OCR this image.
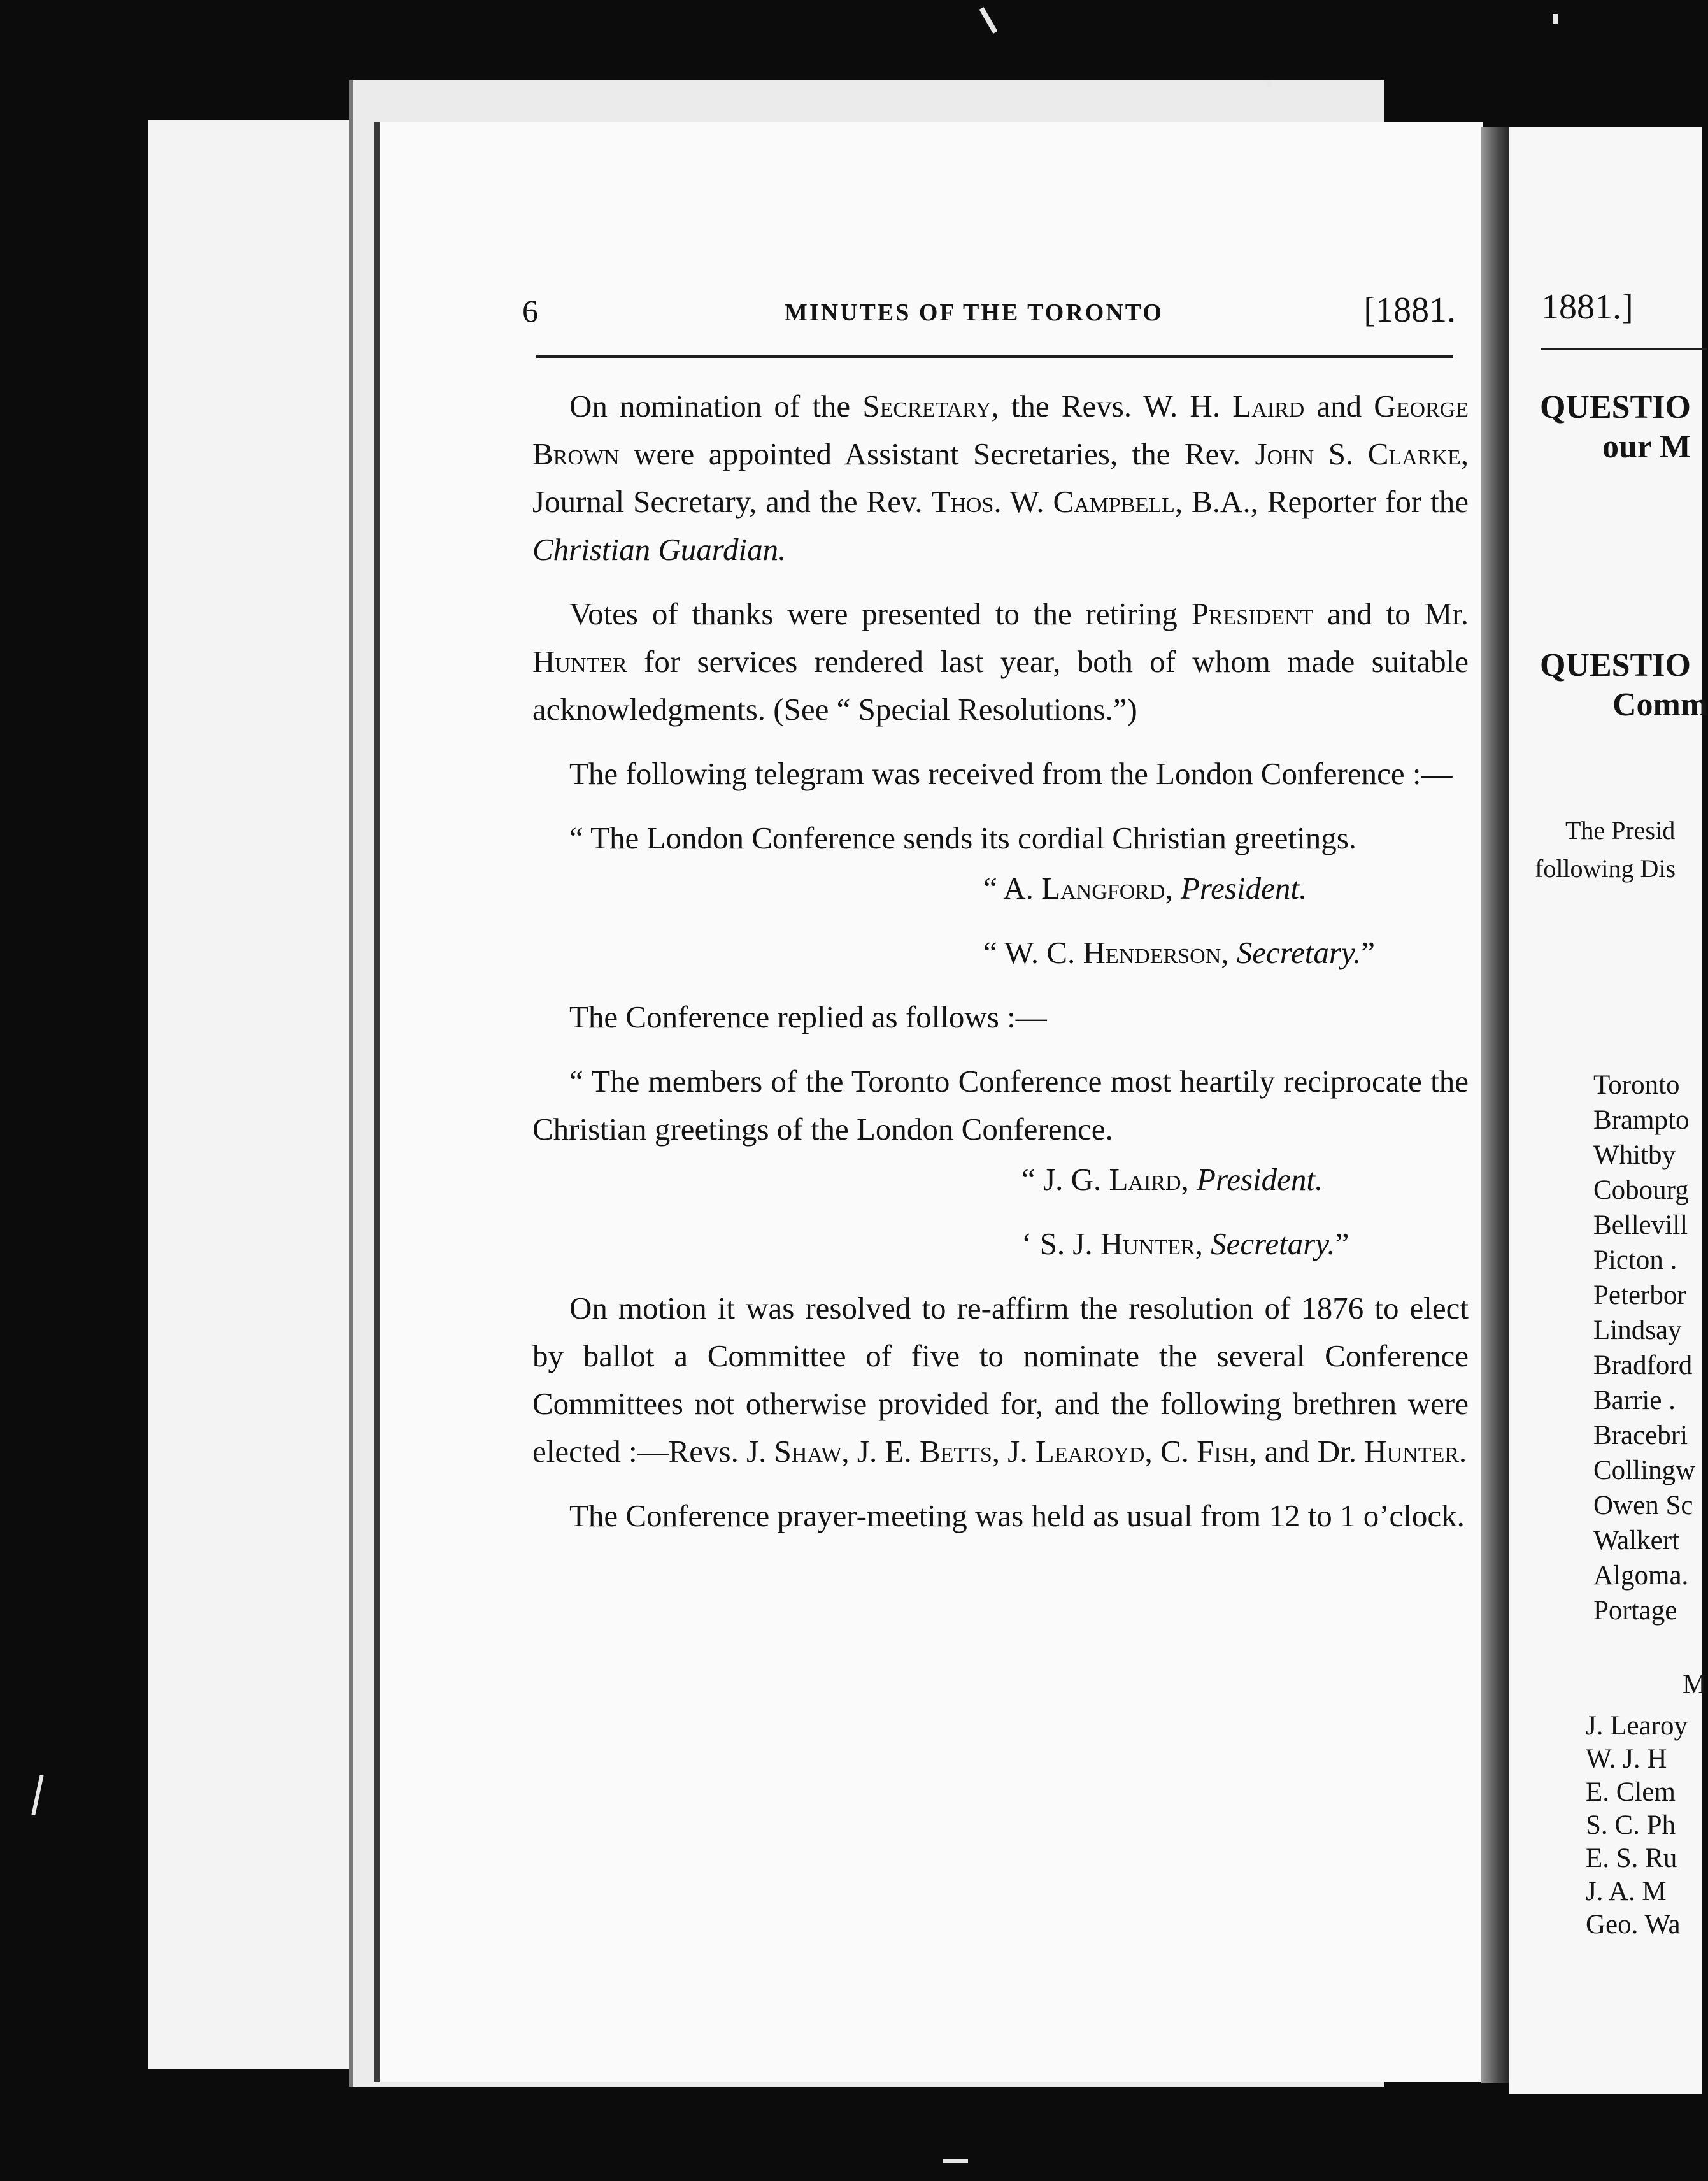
6	MINUTES OF THE TORONTO	[1881.

On nomination of the Secretary, the Revs. W. H. Laird and George Brown were appointed Assistant Secretaries, the Rev. John S. Clarke, Journal Secretary, and the Rev. Thos. W. Campbell, B.A., Reporter for the Christian Guardian.

Votes of thanks were presented to the retiring President and to Mr. Hunter for services rendered last year, both of whom made suitable acknowledgments. (See “ Special Resolutions.”)

The following telegram was received from the London Conference :—

“ The London Conference sends its cordial Christian greetings.

“ A. Langford, President.

“ W. C. Henderson, Secretary.”

The Conference replied as follows :—

“ The members of the Toronto Conference most heartily reciprocate the Christian greetings of the London Conference.

“ J. G. Laird, President.

‘ S. J. Hunter, Secretary.”

On motion it was resolved to re-affirm the resolution of 1876 to elect by ballot a Committee of five to nominate the several Conference Committees not otherwise provided for, and the following brethren were elected :—Revs. J. Shaw, J. E. Betts, J. Learoyd, C. Fish, and Dr. Hunter.

The Conference prayer-meeting was held as usual from 12 to 1 o’clock.

1881.]
QUESTIO
our M
QUESTIO
Comm
The Presid
following Dis
Toronto
Brampto
Whitby
Cobourg
Bellevill
Picton .
Peterbor
Lindsay
Bradford
Barrie .
Bracebri
Collingw
Owen Sc
Walkert
Algoma.
Portage
M
J. Learoy
W. J. H
E. Clem
S. C. Ph
E. S. Ru
J. A. M
Geo. Wa
